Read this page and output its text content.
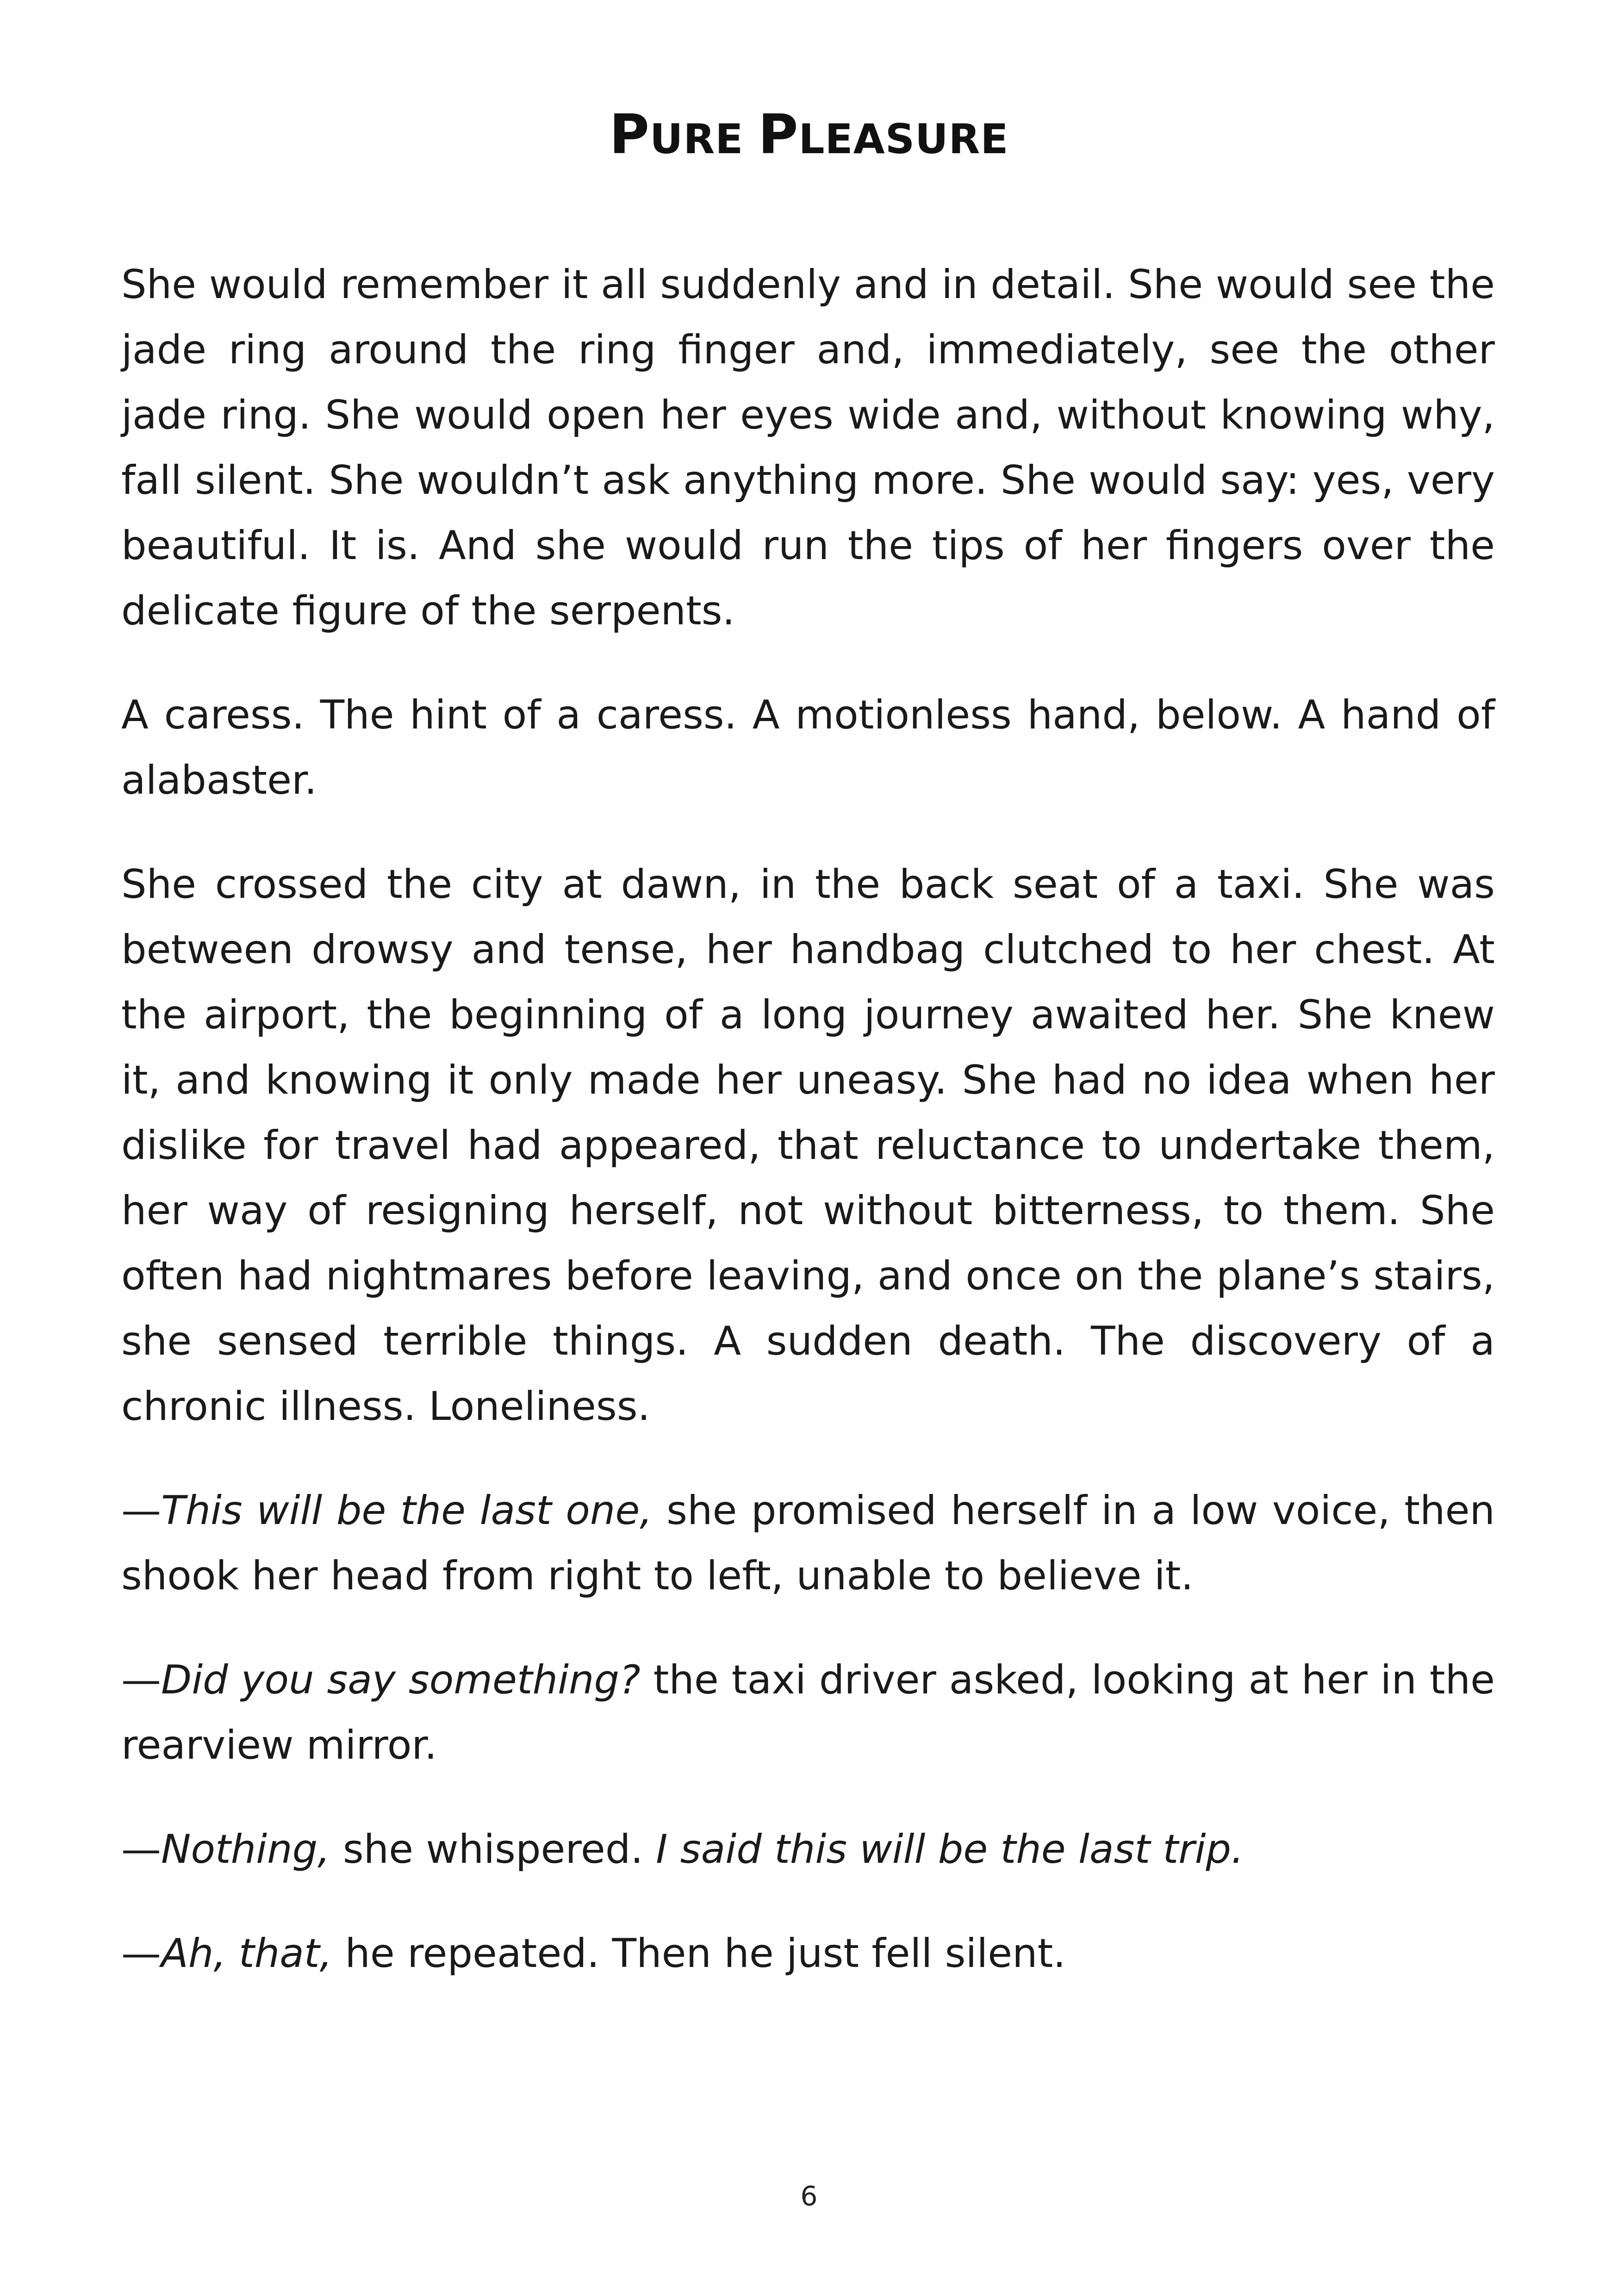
PURE PLEASURE

She would remember it all suddenly and in detail. She would see the jade ring around the ring finger and, immediately, see the other jade ring. She would open her eyes wide and, without knowing why, fall silent. She wouldn’t ask anything more. She would say: yes, very beautiful. It is. And she would run the tips of her fingers over the delicate figure of the serpents.

A caress. The hint of a caress. A motionless hand, below. A hand of alabaster.

She crossed the city at dawn, in the back seat of a taxi. She was between drowsy and tense, her handbag clutched to her chest. At the airport, the beginning of a long journey awaited her. She knew it, and knowing it only made her uneasy. She had no idea when her dislike for travel had appeared, that reluctance to undertake them, her way of resigning herself, not without bitterness, to them. She often had nightmares before leaving, and once on the plane’s stairs, she sensed terrible things. A sudden death. The discovery of a chronic illness. Loneliness.

—This will be the last one, she promised herself in a low voice, then shook her head from right to left, unable to believe it.

—Did you say something? the taxi driver asked, looking at her in the rearview mirror.

—Nothing, she whispered. I said this will be the last trip.

—Ah, that, he repeated. Then he just fell silent.

6
